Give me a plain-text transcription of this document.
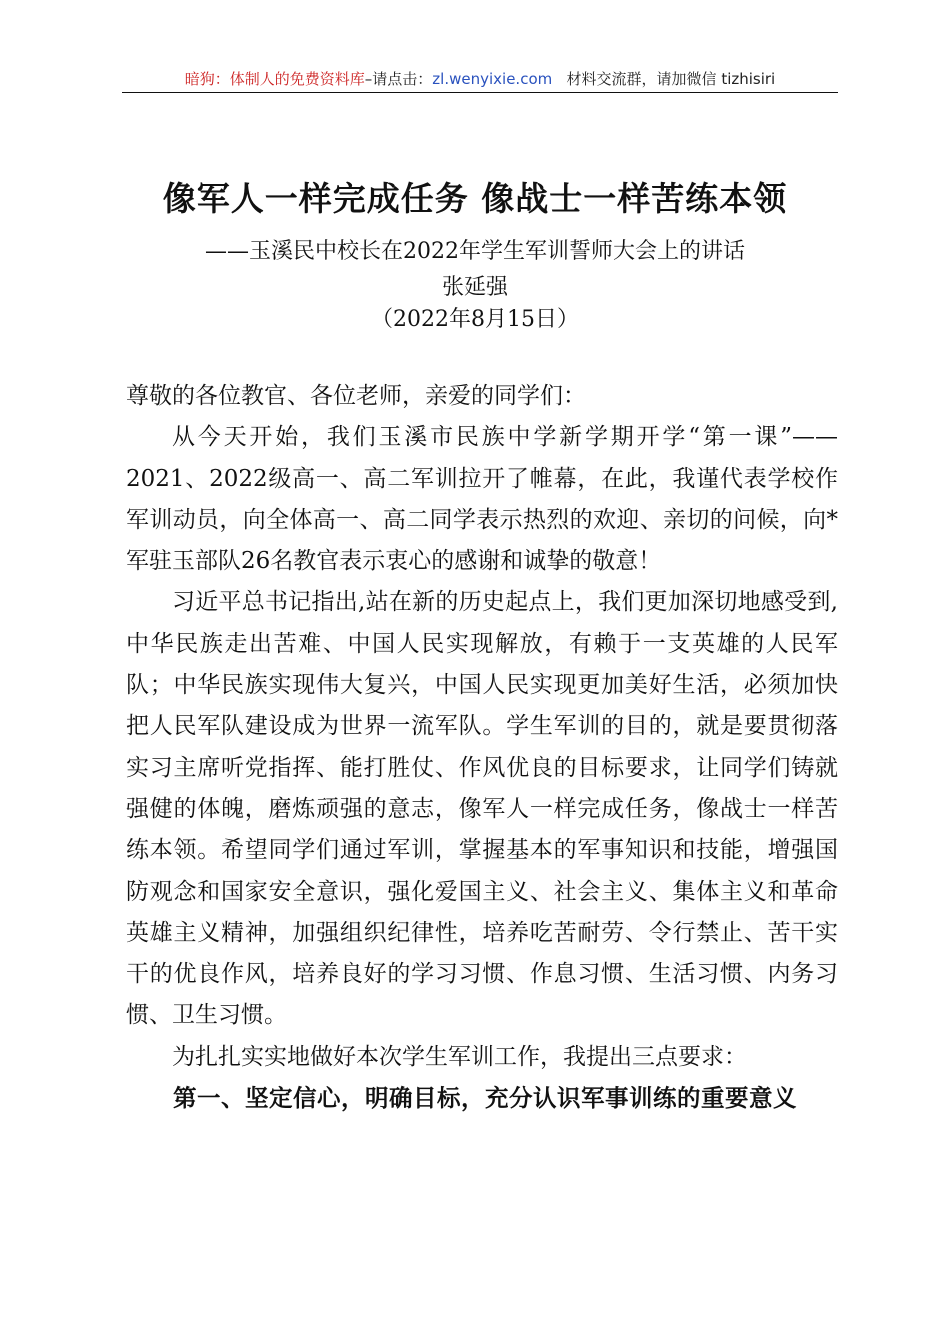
暗狗：体制人的免费资料库–请点击：zl.wenyixie.com 材料交流群，请加微信 tizhisiri
像军人一样完成任务 像战士一样苦练本领
——玉溪民中校长在2022年学生军训誓师大会上的讲话
张延强
（2022年8月15日）

尊敬的各位教官、各位老师，亲爱的同学们：

从今天开始，我们玉溪市民族中学新学期开学“第一课”——2021、2022级高一、高二军训拉开了帷幕，在此，我谨代表学校作军训动员，向全体高一、高二同学表示热烈的欢迎、亲切的问候，向*军驻玉部队26名教官表示衷心的感谢和诚挚的敬意！

习近平总书记指出,站在新的历史起点上，我们更加深切地感受到,中华民族走出苦难、中国人民实现解放，有赖于一支英雄的人民军队；中华民族实现伟大复兴，中国人民实现更加美好生活，必须加快把人民军队建设成为世界一流军队。学生军训的目的，就是要贯彻落实习主席听党指挥、能打胜仗、作风优良的目标要求，让同学们铸就强健的体魄，磨炼顽强的意志，像军人一样完成任务，像战士一样苦练本领。希望同学们通过军训，掌握基本的军事知识和技能，增强国防观念和国家安全意识，强化爱国主义、社会主义、集体主义和革命英雄主义精神，加强组织纪律性，培养吃苦耐劳、令行禁止、苦干实干的优良作风，培养良好的学习习惯、作息习惯、生活习惯、内务习惯、卫生习惯。

为扎扎实实地做好本次学生军训工作，我提出三点要求：

第一、坚定信心，明确目标，充分认识军事训练的重要意义
